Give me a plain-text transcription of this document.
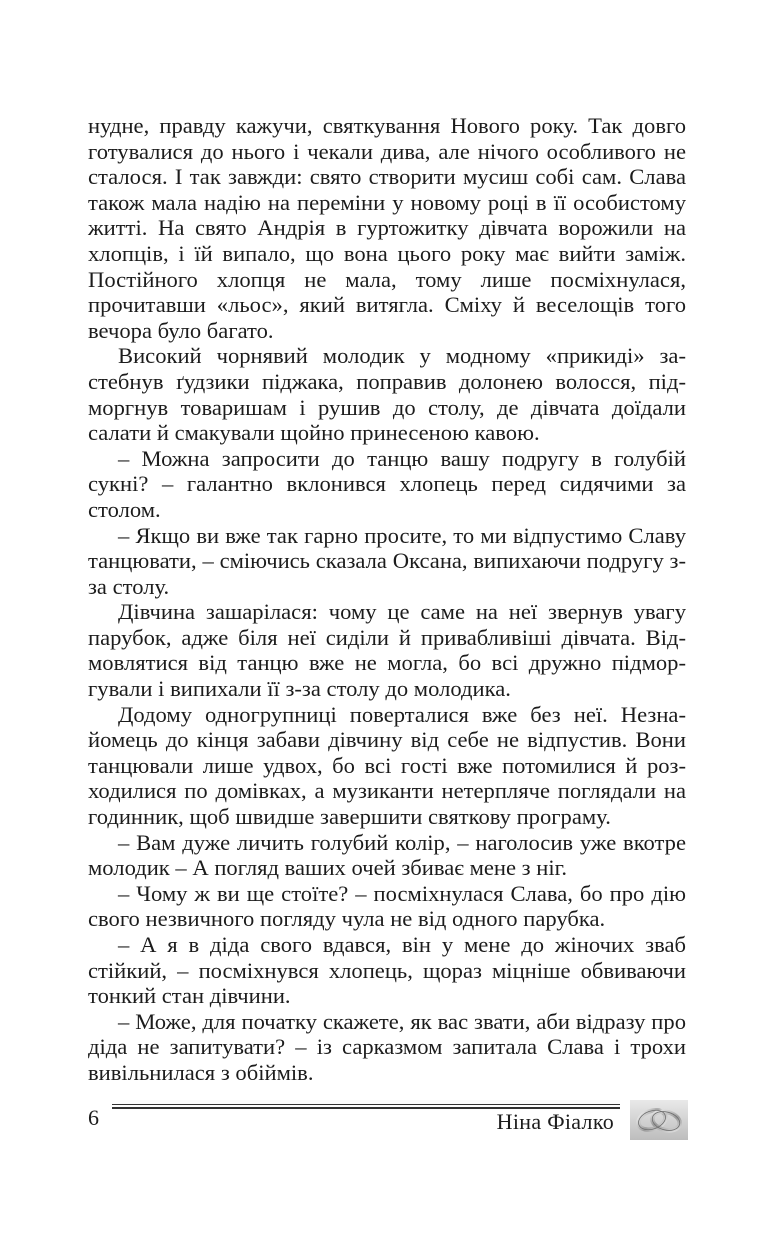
нудне, правду кажучи, святкування Нового року. Так довго готувалися до нього і чекали дива, але нічого особливого не сталося. І так завжди: свято створити мусиш собі сам. Слава також мала надію на переміни у новому році в її особистому житті. На свято Андрія в гуртожитку дівчата ворожили на хлопців, і їй випало, що вона цього року має вийти заміж. Постійного хлопця не мала, тому лише посміхнулася, прочитавши «льос», який витягла. Сміху й веселощів того вечора було багато.

Високий чорнявий молодик у модному «прикиді» застебнув ґудзики піджака, поправив долонею волосся, підморгнув товаришам і рушив до столу, де дівчата доїдали салати й смакували щойно принесеною кавою.

– Можна запросити до танцю вашу подругу в голубій сукні? – галантно вклонився хлопець перед сидячими за столом.

– Якщо ви вже так гарно просите, то ми відпустимо Славу танцювати, – сміючись сказала Оксана, випихаючи подругу з-за столу.

Дівчина зашарілася: чому це саме на неї звернув увагу парубок, адже біля неї сиділи й привабливіші дівчата. Відмовлятися від танцю вже не могла, бо всі дружно підморгували і випихали її з-за столу до молодика.

Додому одногрупниці поверталися вже без неї. Незнайомець до кінця забави дівчину від себе не відпустив. Вони танцювали лише удвох, бо всі гості вже потомилися й розходилися по домівках, а музиканти нетерпляче поглядали на годинник, щоб швидше завершити святкову програму.

– Вам дуже личить голубий колір, – наголосив уже вкотре молодик – А погляд ваших очей збиває мене з ніг.

– Чому ж ви ще стоїте? – посміхнулася Слава, бо про дію свого незвичного погляду чула не від одного парубка.

– А я в діда свого вдався, він у мене до жіночих зваб стійкий, – посміхнувся хлопець, щораз міцніше обвиваючи тонкий стан дівчини.

– Може, для початку скажете, як вас звати, аби відразу про діда не запитувати? – із сарказмом запитала Слава і трохи вивільнилася з обіймів.

6	Ніна Фіалко
